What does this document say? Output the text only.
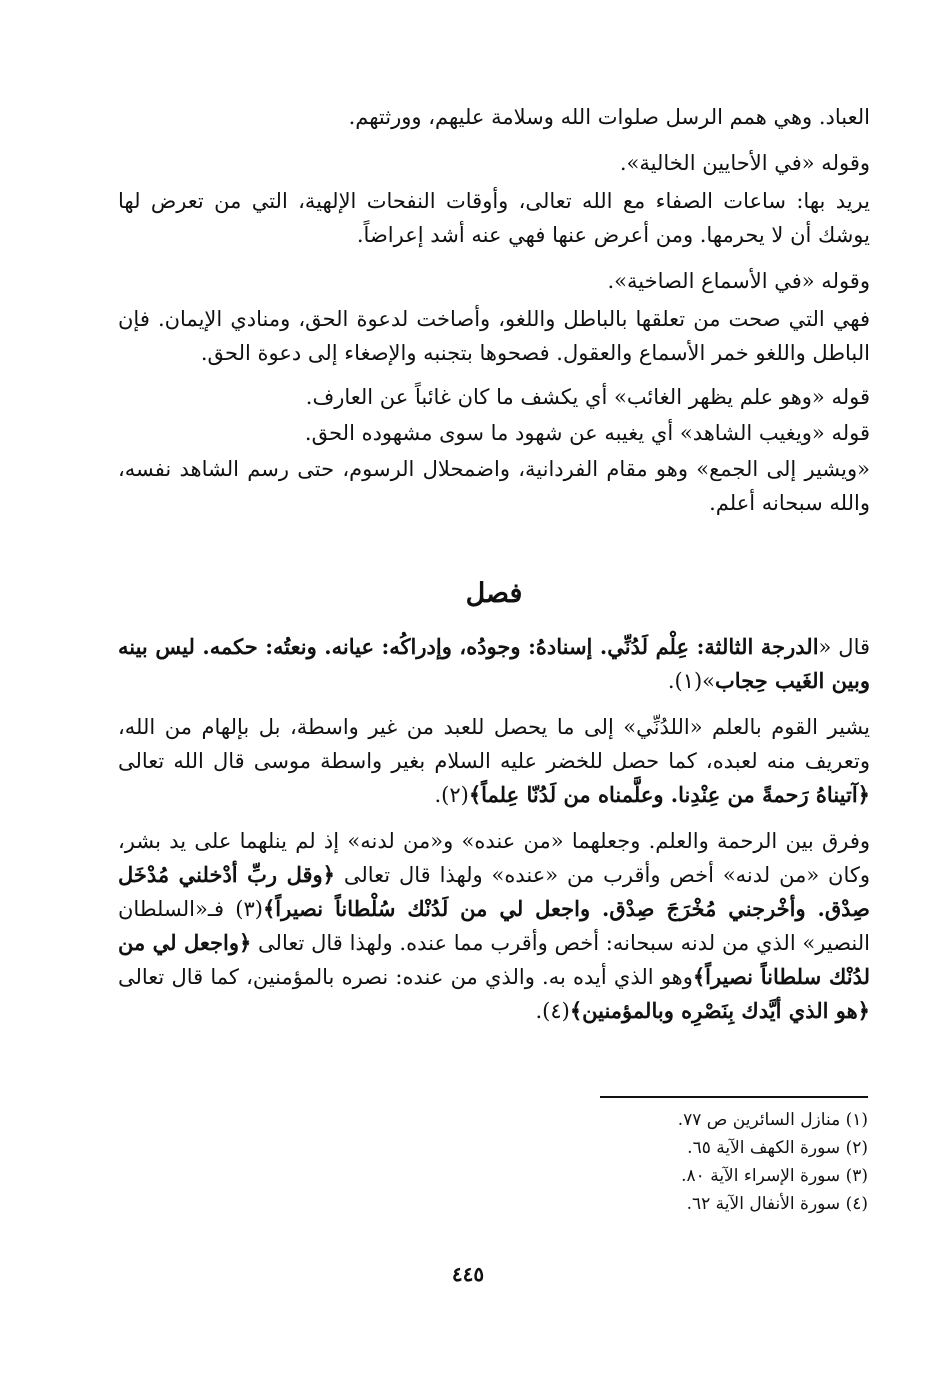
العباد. وهي همم الرسل صلوات الله وسلامة عليهم، وورثتهم.

وقوله «في الأحايين الخالية».

يريد بها: ساعات الصفاء مع الله تعالى، وأوقات النفحات الإلهية، التي من تعرض لها يوشك أن لا يحرمها. ومن أعرض عنها فهي عنه أشد إعراضاً.

وقوله «في الأسماع الصاخية».

فهي التي صحت من تعلقها بالباطل واللغو، وأصاخت لدعوة الحق، ومنادي الإيمان. فإن الباطل واللغو خمر الأسماع والعقول. فصحوها بتجنبه والإصغاء إلى دعوة الحق.

قوله «وهو علم يظهر الغائب» أي يكشف ما كان غائباً عن العارف.

قوله «ويغيب الشاهد» أي يغيبه عن شهود ما سوى مشهوده الحق.

«ويشير إلى الجمع» وهو مقام الفردانية، واضمحلال الرسوم، حتى رسم الشاهد نفسه، والله سبحانه أعلم.

فصل

قال «الدرجة الثالثة: عِلْم لَدُنِّي. إسنادهُ: وجودُه، وإدراكُه: عيانه. ونعتُه: حكمه. ليس بينه وبين الغَيب حِجاب»(١).

يشير القوم بالعلم «اللدُنِّي» إلى ما يحصل للعبد من غير واسطة، بل بإلهام من الله، وتعريف منه لعبده، كما حصل للخضر عليه السلام بغير واسطة موسى قال الله تعالى ﴿آتيناهُ رَحمةً من عِنْدِنا. وعلَّمناه من لَدُنّا عِلماً﴾(٢).

وفرق بين الرحمة والعلم. وجعلهما «من عنده» و«من لدنه» إذ لم ينلهما على يد بشر، وكان «من لدنه» أخص وأقرب من «عنده» ولهذا قال تعالى ﴿وقل ربِّ أدْخلني مُدْخَل صِدْق. وأخْرجني مُخْرَجَ صِدْق. واجعل لي من لَدُنْك سُلْطاناً نصيراً﴾(٣) فـ«السلطان النصير» الذي من لدنه سبحانه: أخص وأقرب مما عنده. ولهذا قال تعالى ﴿واجعل لي من لدُنْك سلطاناً نصيراً﴾وهو الذي أيده به. والذي من عنده: نصره بالمؤمنين، كما قال تعالى ﴿هو الذي أيَّدك بِنَصْرِه وبالمؤمنين﴾(٤).

(١) منازل السائرين ص ٧٧.

(٢) سورة الكهف الآية ٦٥.

(٣) سورة الإسراء الآية ٨٠.

(٤) سورة الأنفال الآية ٦٢.

٤٤٥
